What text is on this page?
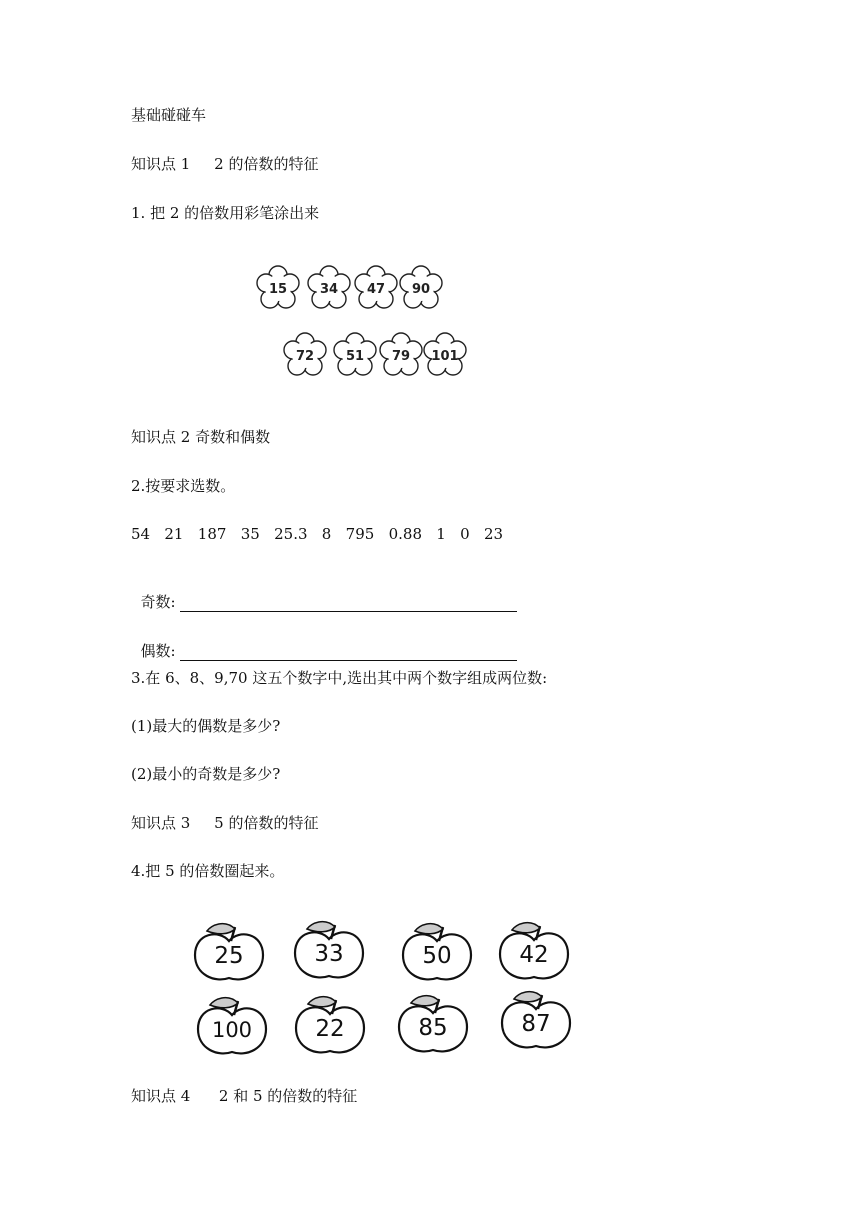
基础碰碰车
知识点 1     2 的倍数的特征
1. 把 2 的倍数用彩笔涂出来
15	34 47 90
72 51 79 101
知识点 2 奇数和偶数
2.按要求选数。
54   21   187   35   25.3   8   795   0.88   1   0   23

奇数:

偶数:

3.在 6、8、9,70 这五个数字中,选出其中两个数字组成两位数:
(1)最大的偶数是多少?
(2)最小的奇数是多少?
知识点 3     5 的倍数的特征
4.把 5 的倍数圈起来。
25	33	50	42
100	22	85	87
知识点 4      2 和 5 的倍数的特征
